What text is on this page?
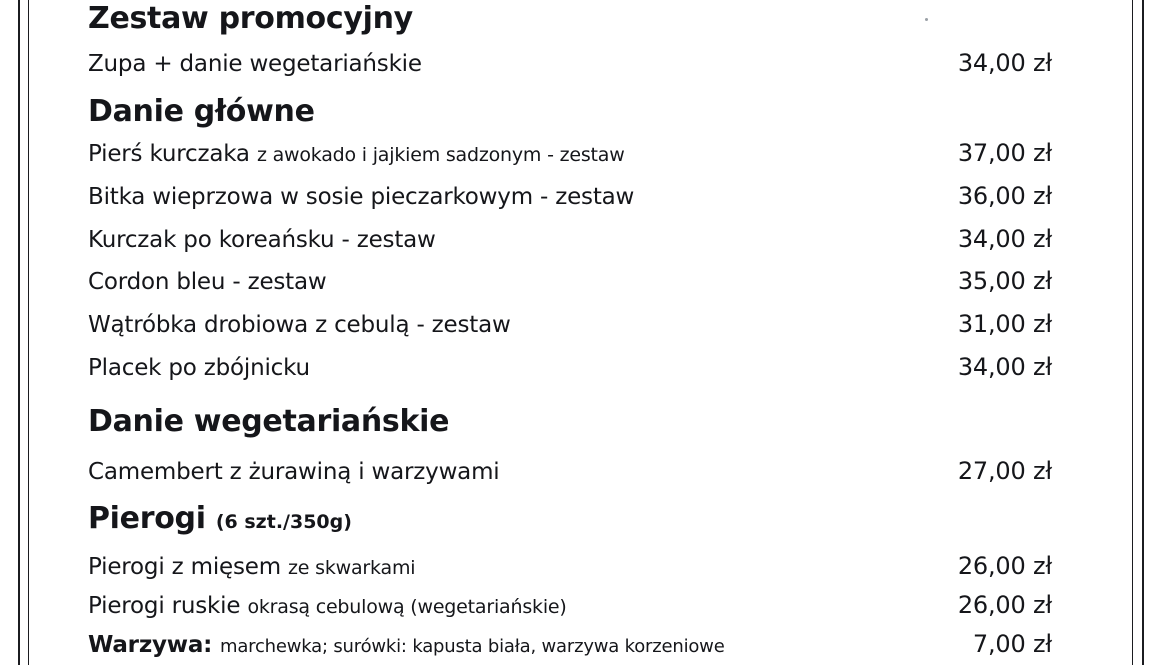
Zestaw promocyjny
Zupa + danie wegetariańskie	34,00 zł
Danie główne
Pierś kurczaka z awokado i jajkiem sadzonym - zestaw	37,00 zł
Bitka wieprzowa w sosie pieczarkowym - zestaw	36,00 zł
Kurczak po koreańsku - zestaw	34,00 zł
Cordon bleu - zestaw	35,00 zł
Wątróbka drobiowa z cebulą - zestaw	31,00 zł
Placek po zbójnicku	34,00 zł
Danie wegetariańskie
Camembert z żurawiną i warzywami	27,00 zł
Pierogi (6 szt./350g)
Pierogi z mięsem ze skwarkami	26,00 zł
Pierogi ruskie okrasą cebulową (wegetariańskie)	26,00 zł
Warzywa: marchewka; surówki: kapusta biała, warzywa korzeniowe	7,00 zł
